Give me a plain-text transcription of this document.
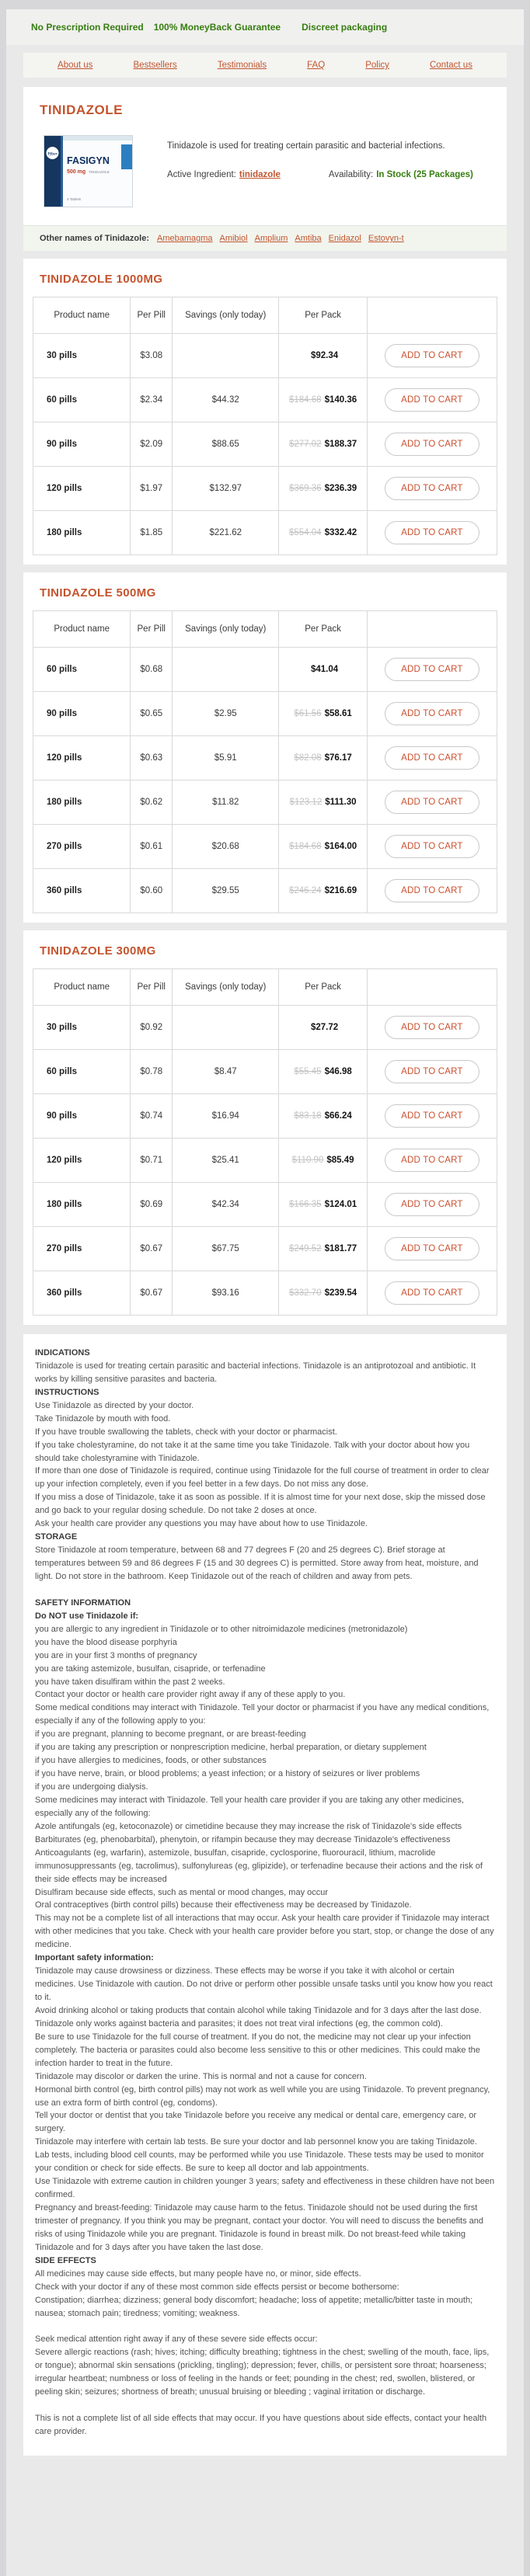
No Prescription Required 100% MoneyBack Guarantee Discreet packaging
About us	Bestsellers	Testimonials	FAQ	Policy	Contact us
TINIDAZOLE
Pfizer
FASIGYN
500 mg TINIDAZOLE
4 Tablets

Tinidazole is used for treating certain parasitic and bacterial infections.

Active Ingredient: tinidazole	Availability: In Stock (25 Packages)
Other names of Tinidazole: Amebamagma Amibiol Amplium Amtiba Enidazol Estovyn-t
TINIDAZOLE 1000MG
Product name	Per Pill	Savings (only today)	Per Pack	
30 pills	$3.08		$92.34	ADD TO CART
60 pills	$2.34	$44.32	$184.68 $140.36	ADD TO CART
90 pills	$2.09	$88.65	$277.02 $188.37	ADD TO CART
120 pills	$1.97	$132.97	$369.36 $236.39	ADD TO CART
180 pills	$1.85	$221.62	$554.04 $332.42	ADD TO CART
TINIDAZOLE 500MG
Product name	Per Pill	Savings (only today)	Per Pack	
60 pills	$0.68		$41.04	ADD TO CART
90 pills	$0.65	$2.95	$61.56 $58.61	ADD TO CART
120 pills	$0.63	$5.91	$82.08 $76.17	ADD TO CART
180 pills	$0.62	$11.82	$123.12 $111.30	ADD TO CART
270 pills	$0.61	$20.68	$184.68 $164.00	ADD TO CART
360 pills	$0.60	$29.55	$246.24 $216.69	ADD TO CART
TINIDAZOLE 300MG
Product name	Per Pill	Savings (only today)	Per Pack	
30 pills	$0.92		$27.72	ADD TO CART
60 pills	$0.78	$8.47	$55.45 $46.98	ADD TO CART
90 pills	$0.74	$16.94	$83.18 $66.24	ADD TO CART
120 pills	$0.71	$25.41	$110.90 $85.49	ADD TO CART
180 pills	$0.69	$42.34	$166.35 $124.01	ADD TO CART
270 pills	$0.67	$67.75	$249.52 $181.77	ADD TO CART
360 pills	$0.67	$93.16	$332.70 $239.54	ADD TO CART

INDICATIONS

Tinidazole is used for treating certain parasitic and bacterial infections. Tinidazole is an antiprotozoal and antibiotic. It works by killing sensitive parasites and bacteria.

INSTRUCTIONS

Use Tinidazole as directed by your doctor.

Take Tinidazole by mouth with food.

If you have trouble swallowing the tablets, check with your doctor or pharmacist.

If you take cholestyramine, do not take it at the same time you take Tinidazole. Talk with your doctor about how you should take cholestyramine with Tinidazole.

If more than one dose of Tinidazole is required, continue using Tinidazole for the full course of treatment in order to clear up your infection completely, even if you feel better in a few days. Do not miss any dose.

If you miss a dose of Tinidazole, take it as soon as possible. If it is almost time for your next dose, skip the missed dose and go back to your regular dosing schedule. Do not take 2 doses at once.

Ask your health care provider any questions you may have about how to use Tinidazole.

STORAGE

Store Tinidazole at room temperature, between 68 and 77 degrees F (20 and 25 degrees C). Brief storage at temperatures between 59 and 86 degrees F (15 and 30 degrees C) is permitted. Store away from heat, moisture, and light. Do not store in the bathroom. Keep Tinidazole out of the reach of children and away from pets.

SAFETY INFORMATION

Do NOT use Tinidazole if:

you are allergic to any ingredient in Tinidazole or to other nitroimidazole medicines (metronidazole)

you have the blood disease porphyria

you are in your first 3 months of pregnancy

you are taking astemizole, busulfan, cisapride, or terfenadine

you have taken disulfiram within the past 2 weeks.

Contact your doctor or health care provider right away if any of these apply to you.

Some medical conditions may interact with Tinidazole. Tell your doctor or pharmacist if you have any medical conditions, especially if any of the following apply to you:

if you are pregnant, planning to become pregnant, or are breast-feeding

if you are taking any prescription or nonprescription medicine, herbal preparation, or dietary supplement

if you have allergies to medicines, foods, or other substances

if you have nerve, brain, or blood problems; a yeast infection; or a history of seizures or liver problems

if you are undergoing dialysis.

Some medicines may interact with Tinidazole. Tell your health care provider if you are taking any other medicines, especially any of the following:

Azole antifungals (eg, ketoconazole) or cimetidine because they may increase the risk of Tinidazole's side effects

Barbiturates (eg, phenobarbital), phenytoin, or rifampin because they may decrease Tinidazole's effectiveness

Anticoagulants (eg, warfarin), astemizole, busulfan, cisapride, cyclosporine, fluorouracil, lithium, macrolide immunosuppressants (eg, tacrolimus), sulfonylureas (eg, glipizide), or terfenadine because their actions and the risk of their side effects may be increased

Disulfiram because side effects, such as mental or mood changes, may occur

Oral contraceptives (birth control pills) because their effectiveness may be decreased by Tinidazole.

This may not be a complete list of all interactions that may occur. Ask your health care provider if Tinidazole may interact with other medicines that you take. Check with your health care provider before you start, stop, or change the dose of any medicine.

Important safety information:

Tinidazole may cause drowsiness or dizziness. These effects may be worse if you take it with alcohol or certain medicines. Use Tinidazole with caution. Do not drive or perform other possible unsafe tasks until you know how you react to it.

Avoid drinking alcohol or taking products that contain alcohol while taking Tinidazole and for 3 days after the last dose.

Tinidazole only works against bacteria and parasites; it does not treat viral infections (eg, the common cold).

Be sure to use Tinidazole for the full course of treatment. If you do not, the medicine may not clear up your infection completely. The bacteria or parasites could also become less sensitive to this or other medicines. This could make the infection harder to treat in the future.

Tinidazole may discolor or darken the urine. This is normal and not a cause for concern.

Hormonal birth control (eg, birth control pills) may not work as well while you are using Tinidazole. To prevent pregnancy, use an extra form of birth control (eg, condoms).

Tell your doctor or dentist that you take Tinidazole before you receive any medical or dental care, emergency care, or surgery.

Tinidazole may interfere with certain lab tests. Be sure your doctor and lab personnel know you are taking Tinidazole.

Lab tests, including blood cell counts, may be performed while you use Tinidazole. These tests may be used to monitor your condition or check for side effects. Be sure to keep all doctor and lab appointments.

Use Tinidazole with extreme caution in children younger 3 years; safety and effectiveness in these children have not been confirmed.

Pregnancy and breast-feeding: Tinidazole may cause harm to the fetus. Tinidazole should not be used during the first trimester of pregnancy. If you think you may be pregnant, contact your doctor. You will need to discuss the benefits and risks of using Tinidazole while you are pregnant. Tinidazole is found in breast milk. Do not breast-feed while taking Tinidazole and for 3 days after you have taken the last dose.

SIDE EFFECTS

All medicines may cause side effects, but many people have no, or minor, side effects.

Check with your doctor if any of these most common side effects persist or become bothersome:

Constipation; diarrhea; dizziness; general body discomfort; headache; loss of appetite; metallic/bitter taste in mouth; nausea; stomach pain; tiredness; vomiting; weakness.

Seek medical attention right away if any of these severe side effects occur:

Severe allergic reactions (rash; hives; itching; difficulty breathing; tightness in the chest; swelling of the mouth, face, lips, or tongue); abnormal skin sensations (prickling, tingling); depression; fever, chills, or persistent sore throat; hoarseness; irregular heartbeat; numbness or loss of feeling in the hands or feet; pounding in the chest; red, swollen, blistered, or peeling skin; seizures; shortness of breath; unusual bruising or bleeding ; vaginal irritation or discharge.

This is not a complete list of all side effects that may occur. If you have questions about side effects, contact your health care provider.
